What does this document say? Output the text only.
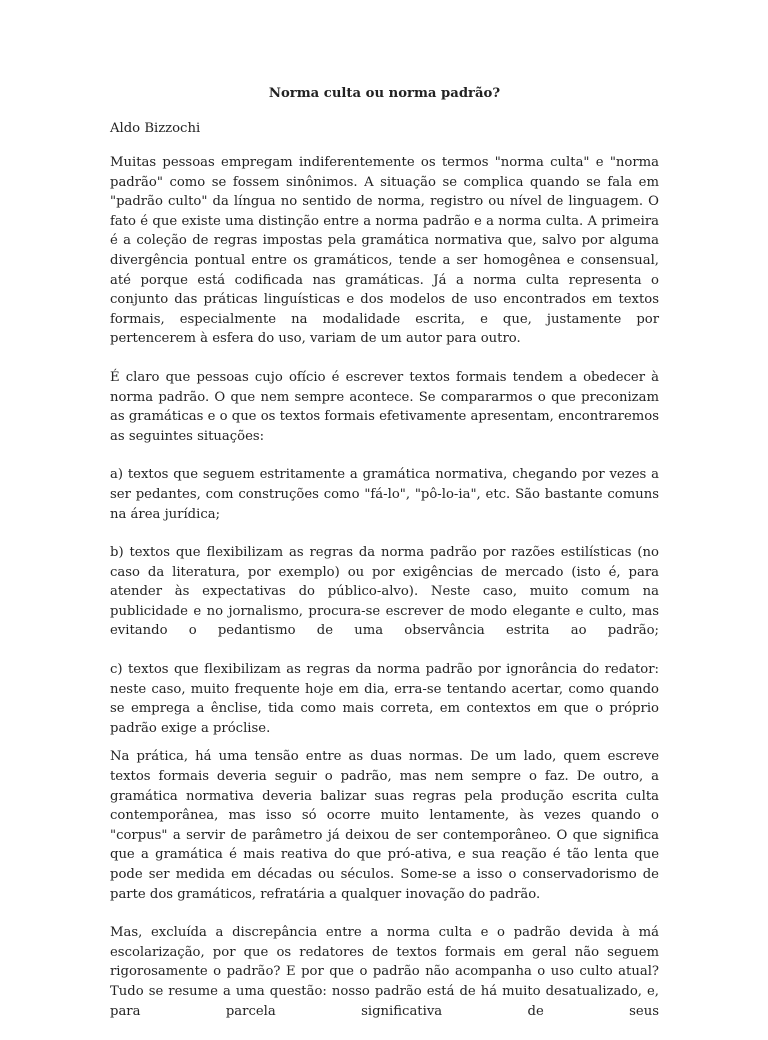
Norma culta ou norma padrão?
Aldo Bizzochi

Muitas pessoas empregam indiferentemente os termos "norma culta" e "norma padrão" como se fossem sinônimos. A situação se complica quando se fala em "padrão culto" da língua no sentido de norma, registro ou nível de linguagem. O fato é que existe uma distinção entre a norma padrão e a norma culta. A primeira é a coleção de regras impostas pela gramática normativa que, salvo por alguma divergência pontual entre os gramáticos, tende a ser homogênea e consensual, até porque está codificada nas gramáticas. Já a norma culta representa o conjunto das práticas linguísticas e dos modelos de uso encontrados em textos formais, especialmente na modalidade escrita, e que, justamente por pertencerem à esfera do uso, variam de um autor para outro.

É claro que pessoas cujo ofício é escrever textos formais tendem a obedecer à norma padrão. O que nem sempre acontece. Se compararmos o que preconizam as gramáticas e o que os textos formais efetivamente apresentam, encontraremos as seguintes situações:

a) textos que seguem estritamente a gramática normativa, chegando por vezes a ser pedantes, com construções como "fá-lo", "pô-lo-ia", etc. São bastante comuns na área jurídica;

b) textos que flexibilizam as regras da norma padrão por razões estilísticas (no caso da literatura, por exemplo) ou por exigências de mercado (isto é, para atender às expectativas do público-alvo). Neste caso, muito comum na publicidade e no jornalismo, procura-se escrever de modo elegante e culto, mas evitando o pedantismo de uma observância estrita ao padrão;

c) textos que flexibilizam as regras da norma padrão por ignorância do redator: neste caso, muito frequente hoje em dia, erra-se tentando acertar, como quando se emprega a ênclise, tida como mais correta, em contextos em que o próprio padrão exige a próclise.

Na prática, há uma tensão entre as duas normas. De um lado, quem escreve textos formais deveria seguir o padrão, mas nem sempre o faz. De outro, a gramática normativa deveria balizar suas regras pela produção escrita culta contemporânea, mas isso só ocorre muito lentamente, às vezes quando o "corpus" a servir de parâmetro já deixou de ser contemporâneo. O que significa que a gramática é mais reativa do que pró-ativa, e sua reação é tão lenta que pode ser medida em décadas ou séculos. Some-se a isso o conservadorismo de parte dos gramáticos, refratária a qualquer inovação do padrão.

Mas, excluída a discrepância entre a norma culta e o padrão devida à má escolarização, por que os redatores de textos formais em geral não seguem rigorosamente o padrão? E por que o padrão não acompanha o uso culto atual? Tudo se resume a uma questão: nosso padrão está de há muito desatualizado, e, para parcela significativa de seus
